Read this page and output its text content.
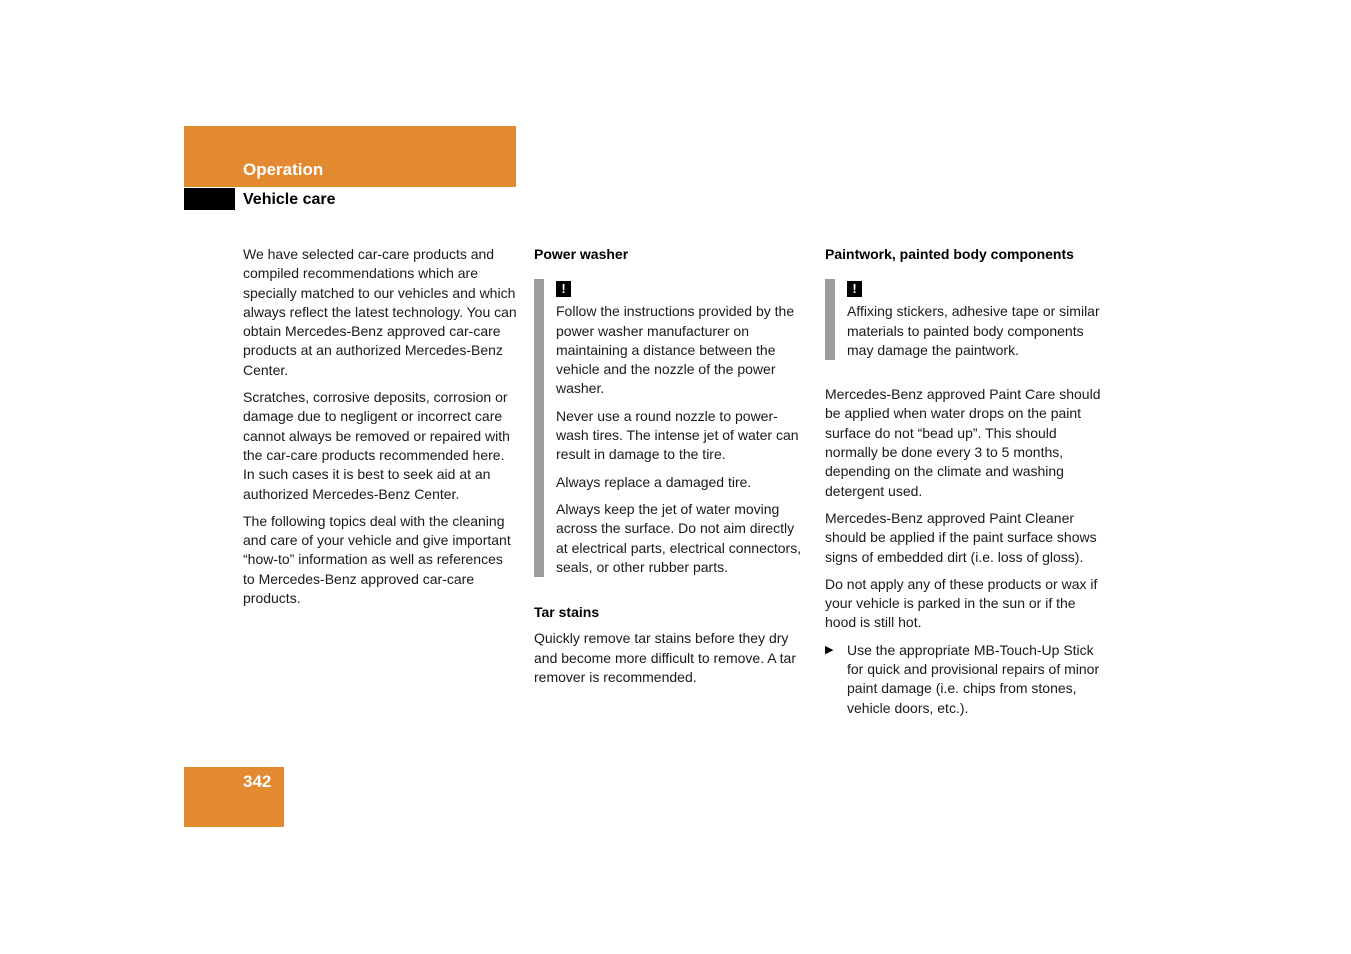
Operation
Vehicle care

We have selected car-care products and compiled recommendations which are specially matched to our vehicles and which always reflect the latest technology. You can obtain Mercedes-Benz approved car-care products at an authorized Mercedes-Benz Center.

Scratches, corrosive deposits, corrosion or damage due to negligent or incorrect care cannot always be removed or repaired with the car-care products recommended here. In such cases it is best to seek aid at an authorized Mercedes-Benz Center.

The following topics deal with the cleaning and care of your vehicle and give important “how-to” information as well as references to Mercedes-Benz approved car-care products.

Power washer
!

Follow the instructions provided by the power washer manufacturer on maintaining a distance between the vehicle and the nozzle of the power washer.

Never use a round nozzle to power-wash tires. The intense jet of water can result in damage to the tire.

Always replace a damaged tire.

Always keep the jet of water moving across the surface. Do not aim directly at electrical parts, electrical connectors, seals, or other rubber parts.

Tar stains

Quickly remove tar stains before they dry and become more difficult to remove. A tar remover is recommended.

Paintwork, painted body components
!

Affixing stickers, adhesive tape or similar materials to painted body components may damage the paintwork.

Mercedes-Benz approved Paint Care should be applied when water drops on the paint surface do not “bead up”. This should normally be done every 3 to 5 months, depending on the climate and washing detergent used.

Mercedes-Benz approved Paint Cleaner should be applied if the paint surface shows signs of embedded dirt (i.e. loss of gloss).

Do not apply any of these products or wax if your vehicle is parked in the sun or if the hood is still hot.

▶ Use the appropriate MB-Touch-Up Stick for quick and provisional repairs of minor paint damage (i.e. chips from stones, vehicle doors, etc.).
342
